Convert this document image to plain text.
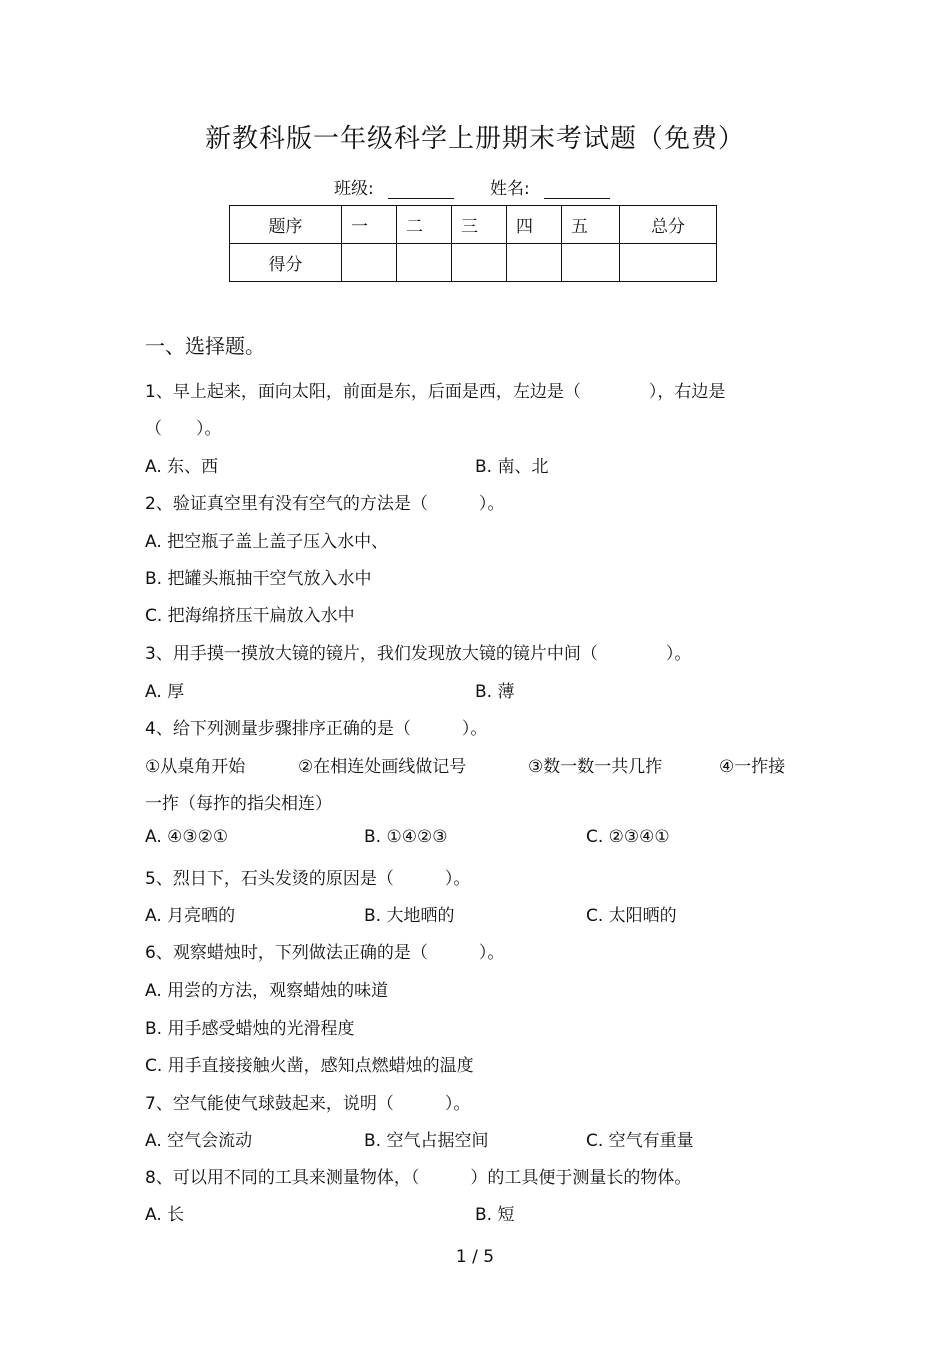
新教科版一年级科学上册期末考试题（免费）
班级:	姓名:
题序	一	二	三	四	五	总分
得分						
一、选择题。
1、早上起来，面向太阳，前面是东，后面是西，左边是（　　　　），右边是
（　　）。
A. 东、西	B. 南、北
2、验证真空里有没有空气的方法是（　　　）。
A. 把空瓶子盖上盖子压入水中、
B. 把罐头瓶抽干空气放入水中
C. 把海绵挤压干扁放入水中
3、用手摸一摸放大镜的镜片，我们发现放大镜的镜片中间（　　　　）。
A. 厚	B. 薄
4、给下列测量步骤排序正确的是（　　　）。
①从桌角开始	②在相连处画线做记号	③数一数一共几拃	④一拃接
一拃（每拃的指尖相连）
A. ④③②①	B. ①④②③	C. ②③④①
5、烈日下，石头发烫的原因是（　　　）。
A. 月亮晒的	B. 大地晒的	C. 太阳晒的
6、观察蜡烛时，下列做法正确的是（　　　）。
A. 用尝的方法，观察蜡烛的味道
B. 用手感受蜡烛的光滑程度
C. 用手直接接触火凿，感知点燃蜡烛的温度
7、空气能使气球鼓起来，说明（　　　）。
A. 空气会流动	B. 空气占据空间	C. 空气有重量
8、可以用不同的工具来测量物体，（　　　）的工具便于测量长的物体。
A. 长	B. 短
1 / 5
